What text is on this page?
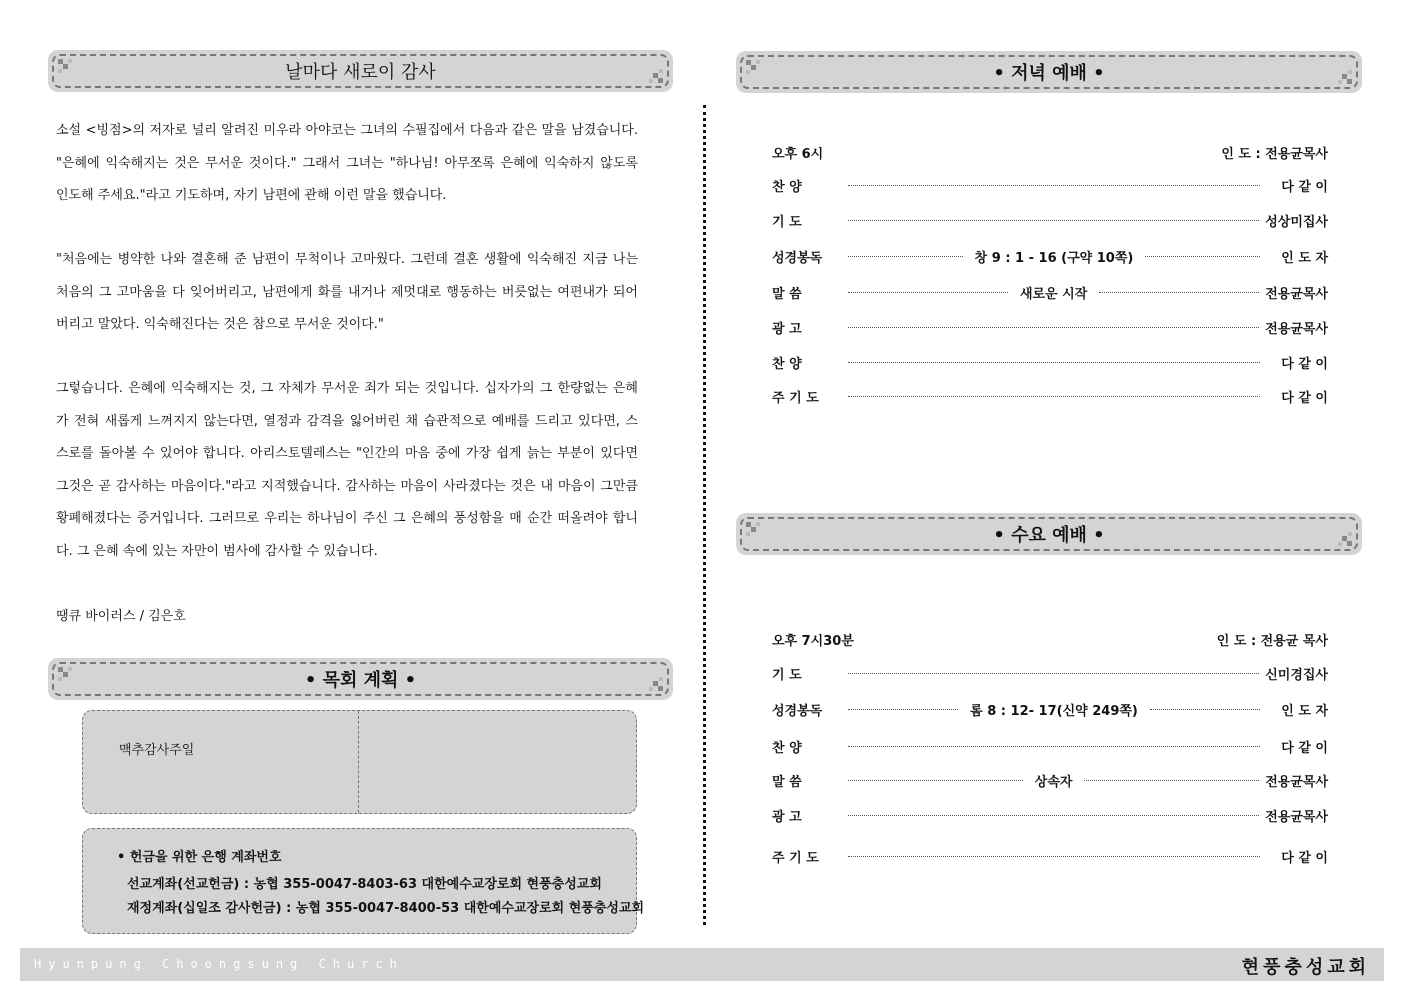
날마다 새로이 감사
소설 <빙점>의 저자로 널리 알려진 미우라 아야코는 그녀의 수필집에서 다음과 같은 말을 남겼습니다.
"은혜에 익숙해지는 것은 무서운 것이다." 그래서 그녀는 "하나님! 아무쪼록 은혜에 익숙하지 않도록
인도해 주세요."라고 기도하며, 자기 남편에 관해 이런 말을 했습니다.
"처음에는 병약한 나와 결혼해 준 남편이 무척이나 고마웠다. 그런데 결혼 생활에 익숙해진 지금 나는
처음의 그 고마움을 다 잊어버리고, 남편에게 화를 내거나 제멋대로 행동하는 버릇없는 여편내가 되어
버리고 말았다. 익숙해진다는 것은 참으로 무서운 것이다."
그렇습니다. 은혜에 익숙해지는 것, 그 자체가 무서운 죄가 되는 것입니다. 십자가의 그 한량없는 은혜
가 전혀 새롭게 느껴지지 않는다면, 열정과 감격을 잃어버린 채 습관적으로 예배를 드리고 있다면, 스
스로를 돌아볼 수 있어야 합니다. 아리스토텔레스는 "인간의 마음 중에 가장 쉽게 늙는 부분이 있다면
그것은 곧 감사하는 마음이다."라고 지적했습니다. 감사하는 마음이 사라졌다는 것은 내 마음이 그만큼
황폐해졌다는 증거입니다. 그러므로 우리는 하나님이 주신 그 은혜의 풍성함을 매 순간 떠올려야 합니
다. 그 은혜 속에 있는 자만이 범사에 감사할 수 있습니다.
땡큐 바이러스 / 김은호
• 목회 계획 •
맥추감사주일
• 헌금을 위한 은행 계좌번호
선교계좌(선교헌금) : 농협 355-0047-8403-63 대한예수교장로회 현풍충성교회
재정계좌(십일조 감사헌금) : 농협 355-0047-8400-53 대한예수교장로회 현풍충성교회
• 저녁 예배 •
오후 6시	인 도 : 전용균목사
찬 양	다 같 이
기 도	성상미집사
성경봉독	창 9 : 1 - 16 (구약 10쪽)	인 도 자
말 씀	새로운 시작	전용균목사
광 고	전용균목사
찬 양	다 같 이
주 기 도	다 같 이
• 수요 예배 •
오후 7시30분	인 도 : 전용균 목사
기 도	신미경집사
성경봉독	롬 8 : 12- 17(신약 249쪽)	인 도 자
찬 양	다 같 이
말 씀	상속자	전용균목사
광 고	전용균목사
주 기 도	다 같 이
Hyunpung Choongsung Church	현풍충성교회
